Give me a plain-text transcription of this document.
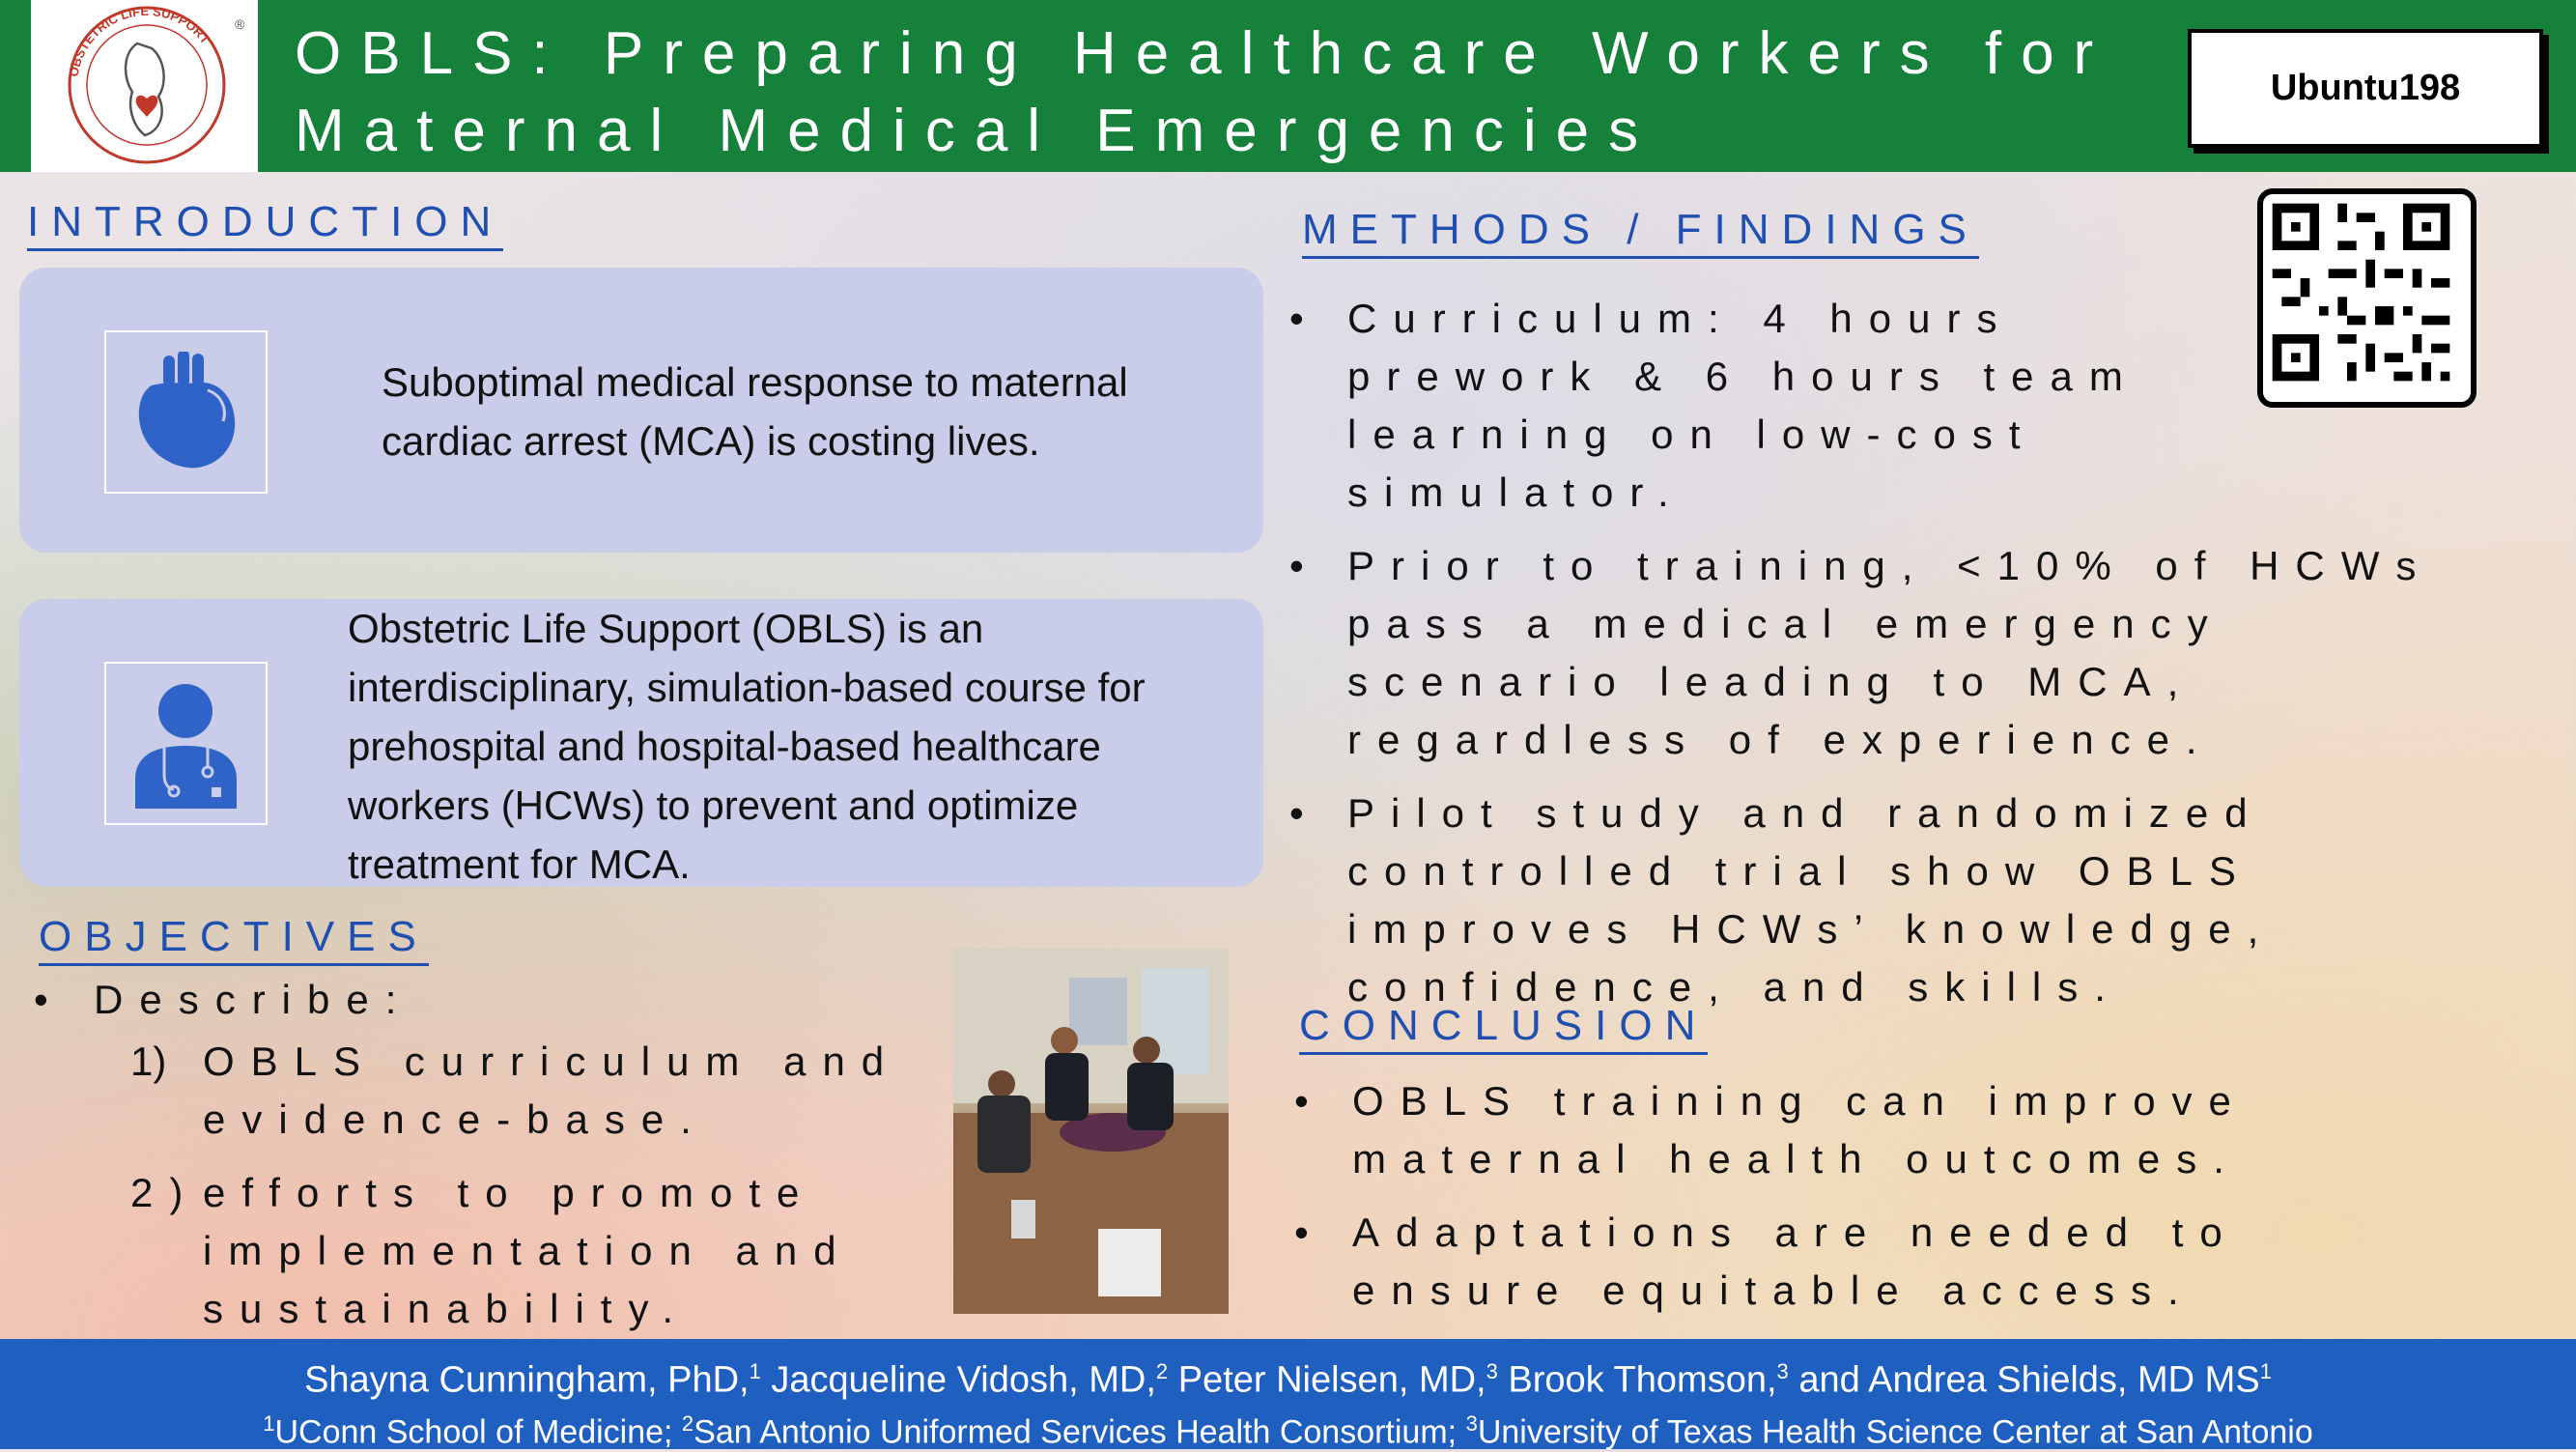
®
OBSTETRIC LIFE SUPPORT OBLS: Preparing Healthcare Workers for
Maternal Medical Emergencies
Ubuntu198
INTRODUCTION
Suboptimal medical response to maternal cardiac arrest (MCA) is costing lives.
Obstetric Life Support (OBLS) is an interdisciplinary, simulation-based course for prehospital and hospital-based healthcare workers (HCWs) to prevent and optimize treatment for MCA.
OBJECTIVES
• Describe:
1) OBLS curriculum and evidence-base.
2) efforts to promote implementation and sustainability.
METHODS / FINDINGS
• Curriculum: 4 hours prework & 6 hours team learning on low-cost simulator.
• Prior to training, <10% of HCWs pass a medical emergency scenario leading to MCA, regardless of experience.
• Pilot study and randomized controlled trial show OBLS improves HCWs’ knowledge, confidence, and skills.
CONCLUSION
• OBLS training can improve maternal health outcomes.
• Adaptations are needed to ensure equitable access.
Shayna Cunningham, PhD,$^1$ Jacqueline Vidosh, MD,$^2$ Peter Nielsen, MD,$^3$ Brook Thomson,$^3$ and Andrea Shields, MD $MS^1$
$^1$UConn School of Medicine; $^2$San Antonio Uniformed Services Health Consortium; $^3$University of Texas Health Science Center at San Antonio
